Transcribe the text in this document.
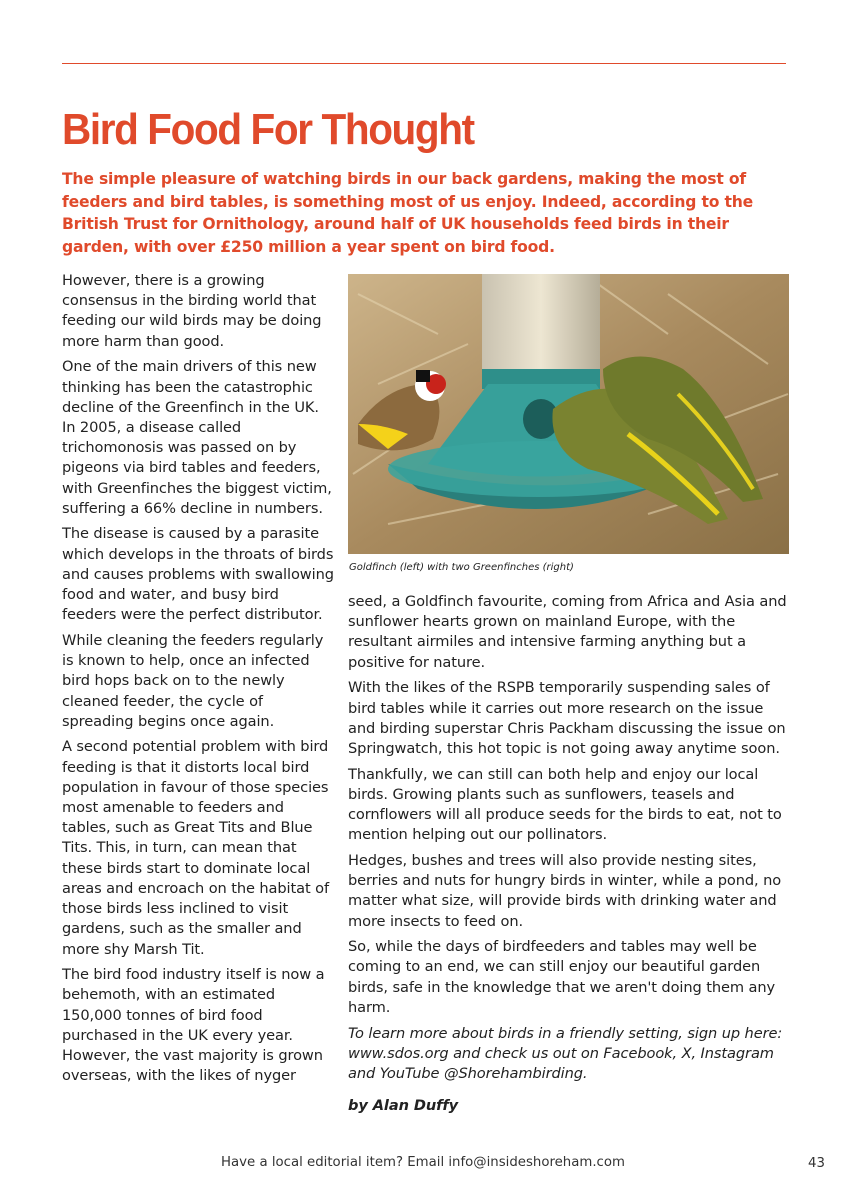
Bird Food For Thought

The simple pleasure of watching birds in our back gardens, making the most of feeders and bird tables, is something most of us enjoy. Indeed, according to the British Trust for Ornithology, around half of UK households feed birds in their garden, with over £250 million a year spent on bird food.

However, there is a growing consensus in the birding world that feeding our wild birds may be doing more harm than good.

One of the main drivers of this new thinking has been the catastrophic decline of the Greenfinch in the UK. In 2005, a disease called trichomonosis was passed on by pigeons via bird tables and feeders, with Greenfinches the biggest victim, suffering a 66% decline in numbers.

The disease is caused by a parasite which develops in the throats of birds and causes problems with swallowing food and water, and busy bird feeders were the perfect distributor.

While cleaning the feeders regularly is known to help, once an infected bird hops back on to the newly cleaned feeder, the cycle of spreading begins once again.

A second potential problem with bird feeding is that it distorts local bird population in favour of those species most amenable to feeders and tables, such as Great Tits and Blue Tits. This, in turn, can mean that these birds start to dominate local areas and encroach on the habitat of those birds less inclined to visit gardens, such as the smaller and more shy Marsh Tit.

The bird food industry itself is now a behemoth, with an estimated 150,000 tonnes of bird food purchased in the UK every year. However, the vast majority is grown overseas, with the likes of nyger

Goldfinch (left) with two Greenfinches (right)

seed, a Goldfinch favourite, coming from Africa and Asia and sunflower hearts grown on mainland Europe, with the resultant airmiles and intensive farming anything but a positive for nature.

With the likes of the RSPB temporarily suspending sales of bird tables while it carries out more research on the issue and birding superstar Chris Packham discussing the issue on Springwatch, this hot topic is not going away anytime soon.

Thankfully, we can still can both help and enjoy our local birds. Growing plants such as sunflowers, teasels and cornflowers will all produce seeds for the birds to eat, not to mention helping out our pollinators.

Hedges, bushes and trees will also provide nesting sites, berries and nuts for hungry birds in winter, while a pond, no matter what size, will provide birds with drinking water and more insects to feed on.

So, while the days of birdfeeders and tables may well be coming to an end, we can still enjoy our beautiful garden birds, safe in the knowledge that we aren't doing them any harm.

To learn more about birds in a friendly setting, sign up here: www.sdos.org and check us out on Facebook, X, Instagram and YouTube @Shorehambirding.

by Alan Duffy

Have a local editorial item? Email info@insideshoreham.com	43
